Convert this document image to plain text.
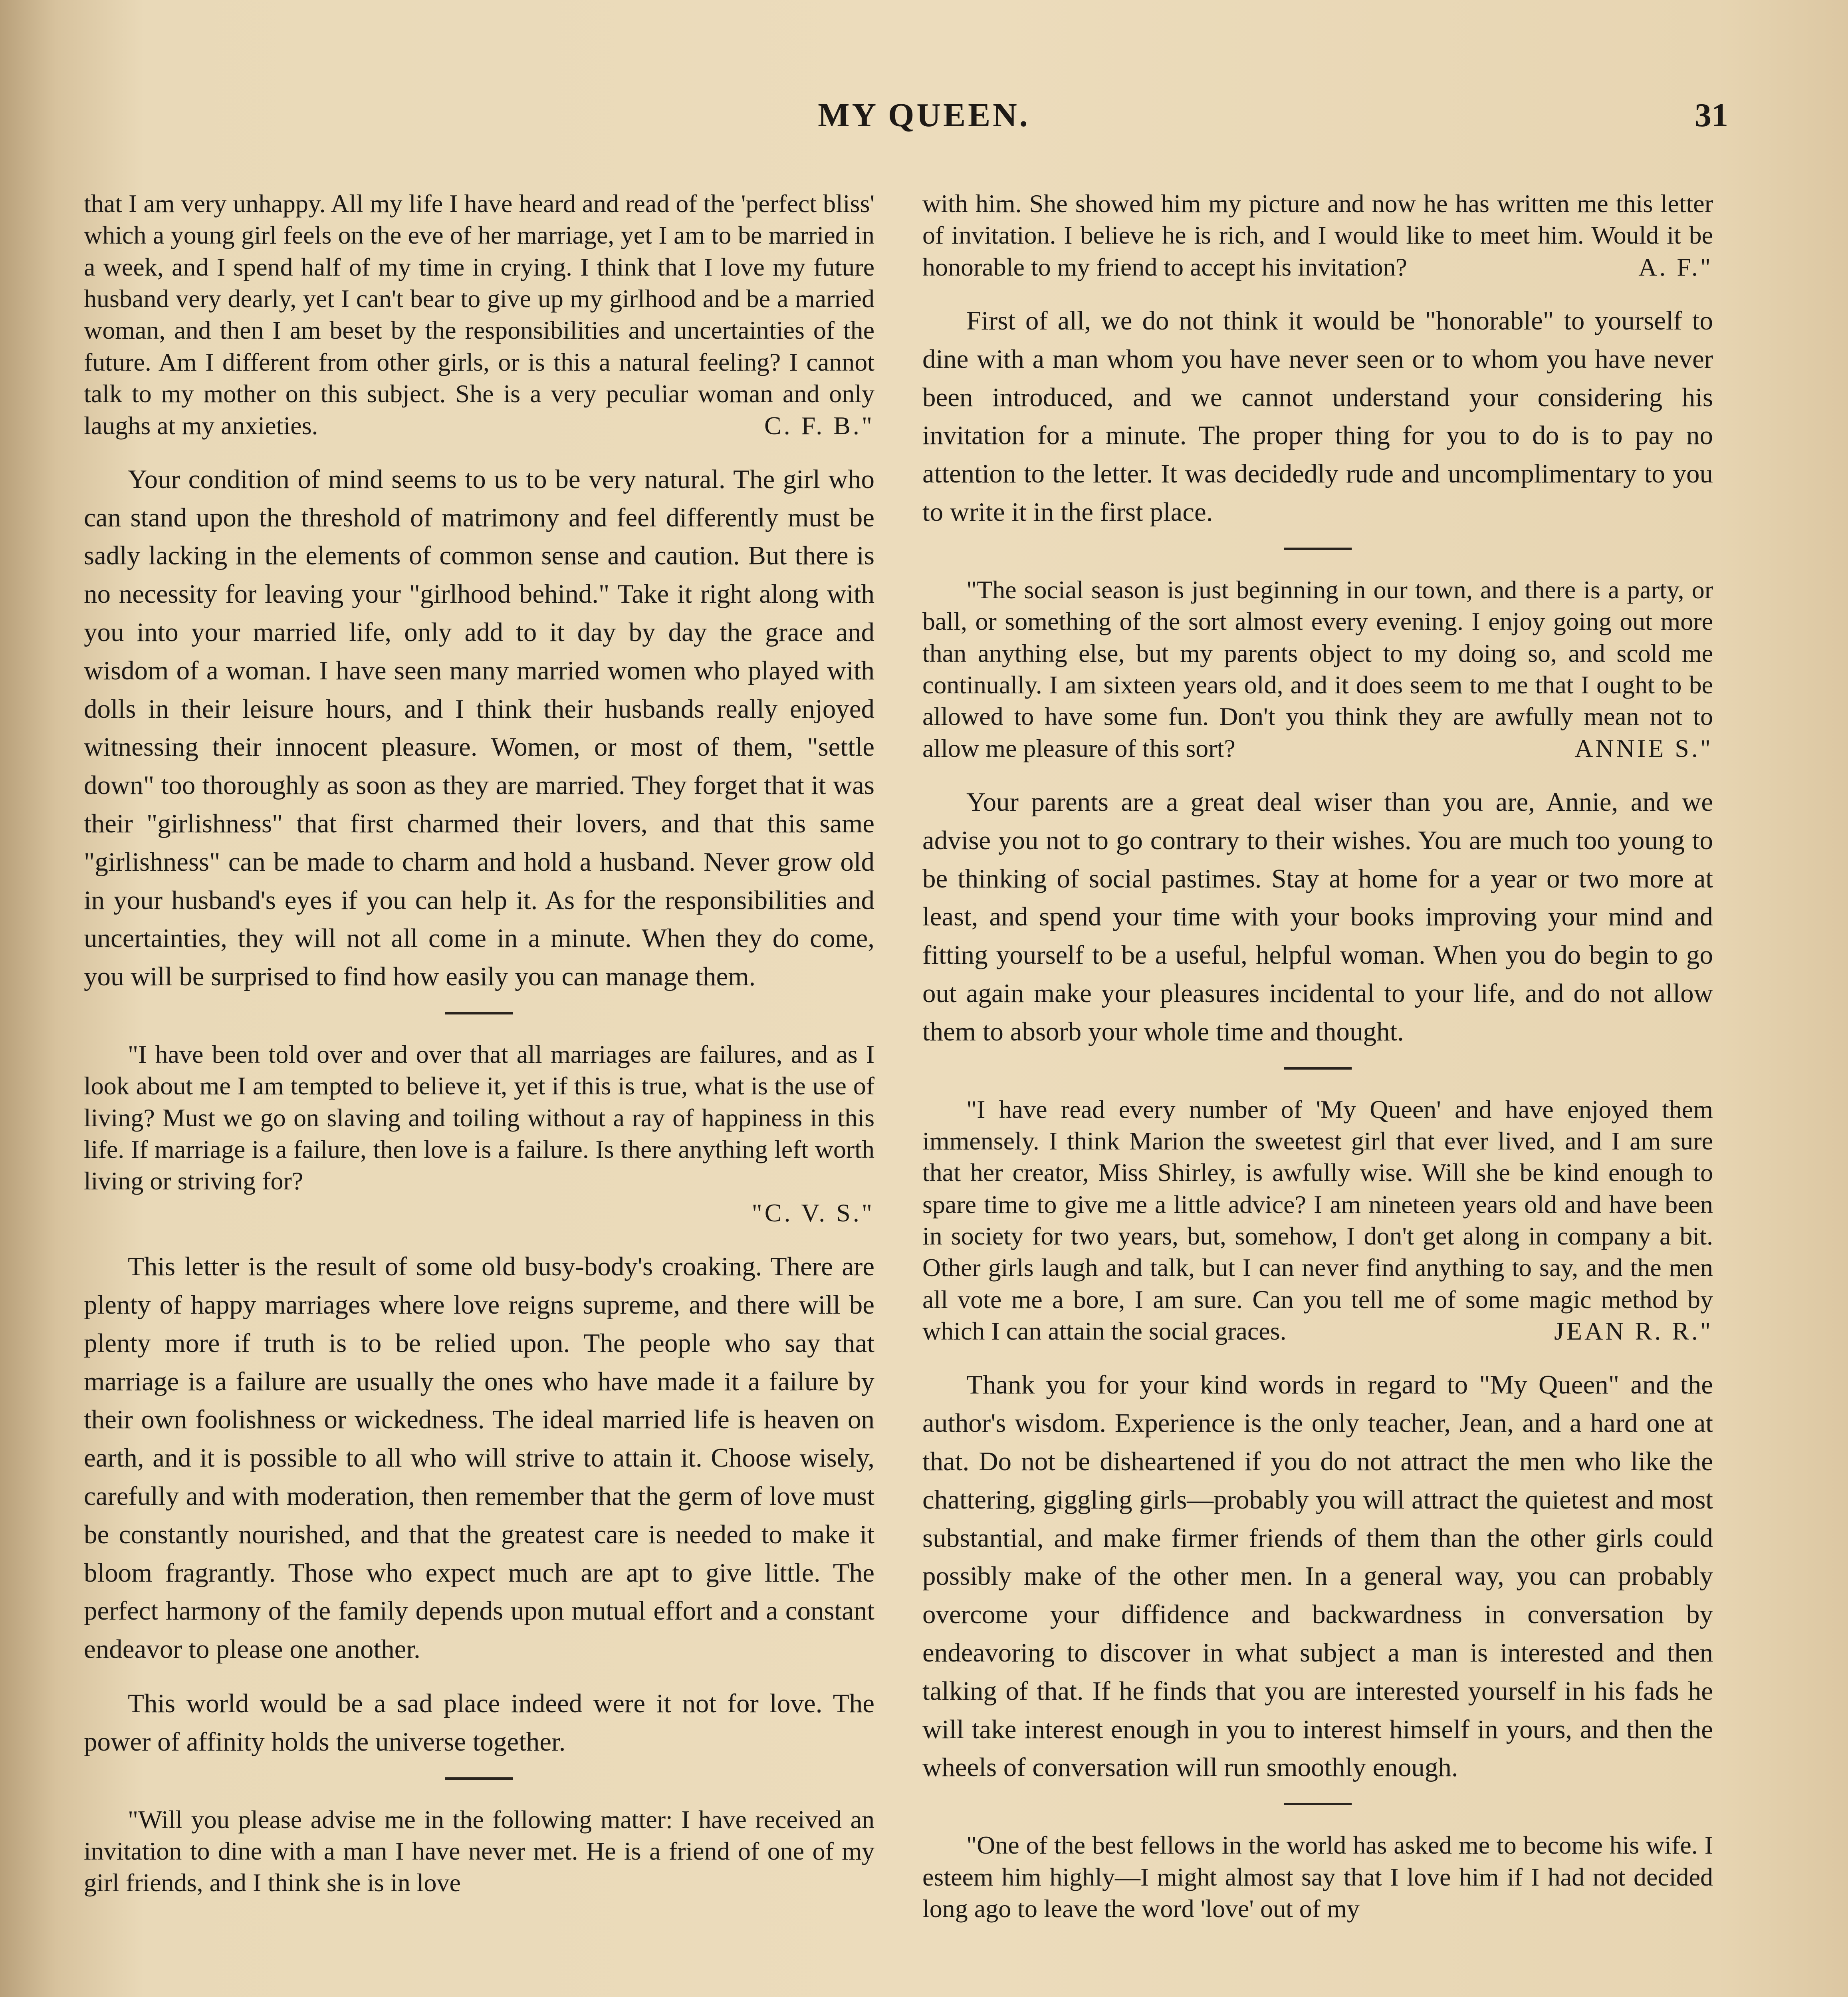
MY QUEEN.	31
that I am very unhappy. All my life I have heard and read of the 'perfect bliss' which a young girl feels on the eve of her marriage, yet I am to be married in a week, and I spend half of my time in crying. I think that I love my future husband very dearly, yet I can't bear to give up my girlhood and be a married woman, and then I am beset by the responsibilities and uncertainties of the future. Am I different from other girls, or is this a natural feeling? I cannot talk to my mother on this subject. She is a very peculiar woman and only laughs at my anxieties.	C. F. B."
Your condition of mind seems to us to be very natural. The girl who can stand upon the threshold of matrimony and feel differently must be sadly lacking in the elements of common sense and caution. But there is no necessity for leaving your "girlhood behind." Take it right along with you into your married life, only add to it day by day the grace and wisdom of a woman. I have seen many married women who played with dolls in their leisure hours, and I think their husbands really enjoyed witnessing their innocent pleasure. Women, or most of them, "settle down" too thoroughly as soon as they are married. They forget that it was their "girlishness" that first charmed their lovers, and that this same "girlishness" can be made to charm and hold a husband. Never grow old in your husband's eyes if you can help it. As for the responsibilities and uncertainties, they will not all come in a minute. When they do come, you will be surprised to find how easily you can manage them.
"I have been told over and over that all marriages are failures, and as I look about me I am tempted to believe it, yet if this is true, what is the use of living? Must we go on slaving and toiling without a ray of happiness in this life. If marriage is a failure, then love is a failure. Is there anything left worth living or striving for?
"C. V. S."
This letter is the result of some old busy-body's croaking. There are plenty of happy marriages where love reigns supreme, and there will be plenty more if truth is to be relied upon. The people who say that marriage is a failure are usually the ones who have made it a failure by their own foolishness or wickedness. The ideal married life is heaven on earth, and it is possible to all who will strive to attain it. Choose wisely, carefully and with moderation, then remember that the germ of love must be constantly nourished, and that the greatest care is needed to make it bloom fragrantly. Those who expect much are apt to give little. The perfect harmony of the family depends upon mutual effort and a constant endeavor to please one another.
This world would be a sad place indeed were it not for love. The power of affinity holds the universe together.
"Will you please advise me in the following matter: I have received an invitation to dine with a man I have never met. He is a friend of one of my girl friends, and I think she is in love
with him. She showed him my picture and now he has written me this letter of invitation. I believe he is rich, and I would like to meet him. Would it be honorable to my friend to accept his invitation?	A. F."
First of all, we do not think it would be "honorable" to yourself to dine with a man whom you have never seen or to whom you have never been introduced, and we cannot understand your considering his invitation for a minute. The proper thing for you to do is to pay no attention to the letter. It was decidedly rude and uncomplimentary to you to write it in the first place.
"The social season is just beginning in our town, and there is a party, or ball, or something of the sort almost every evening. I enjoy going out more than anything else, but my parents object to my doing so, and scold me continually. I am sixteen years old, and it does seem to me that I ought to be allowed to have some fun. Don't you think they are awfully mean not to allow me pleasure of this sort?	ANNIE S."
Your parents are a great deal wiser than you are, Annie, and we advise you not to go contrary to their wishes. You are much too young to be thinking of social pastimes. Stay at home for a year or two more at least, and spend your time with your books improving your mind and fitting yourself to be a useful, helpful woman. When you do begin to go out again make your pleasures incidental to your life, and do not allow them to absorb your whole time and thought.
"I have read every number of 'My Queen' and have enjoyed them immensely. I think Marion the sweetest girl that ever lived, and I am sure that her creator, Miss Shirley, is awfully wise. Will she be kind enough to spare time to give me a little advice? I am nineteen years old and have been in society for two years, but, somehow, I don't get along in company a bit. Other girls laugh and talk, but I can never find anything to say, and the men all vote me a bore, I am sure. Can you tell me of some magic method by which I can attain the social graces.	JEAN R. R."
Thank you for your kind words in regard to "My Queen" and the author's wisdom. Experience is the only teacher, Jean, and a hard one at that. Do not be disheartened if you do not attract the men who like the chattering, giggling girls—probably you will attract the quietest and most substantial, and make firmer friends of them than the other girls could possibly make of the other men. In a general way, you can probably overcome your diffidence and backwardness in conversation by endeavoring to discover in what subject a man is interested and then talking of that. If he finds that you are interested yourself in his fads he will take interest enough in you to interest himself in yours, and then the wheels of conversation will run smoothly enough.
"One of the best fellows in the world has asked me to become his wife. I esteem him highly—I might almost say that I love him if I had not decided long ago to leave the word 'love' out of my
